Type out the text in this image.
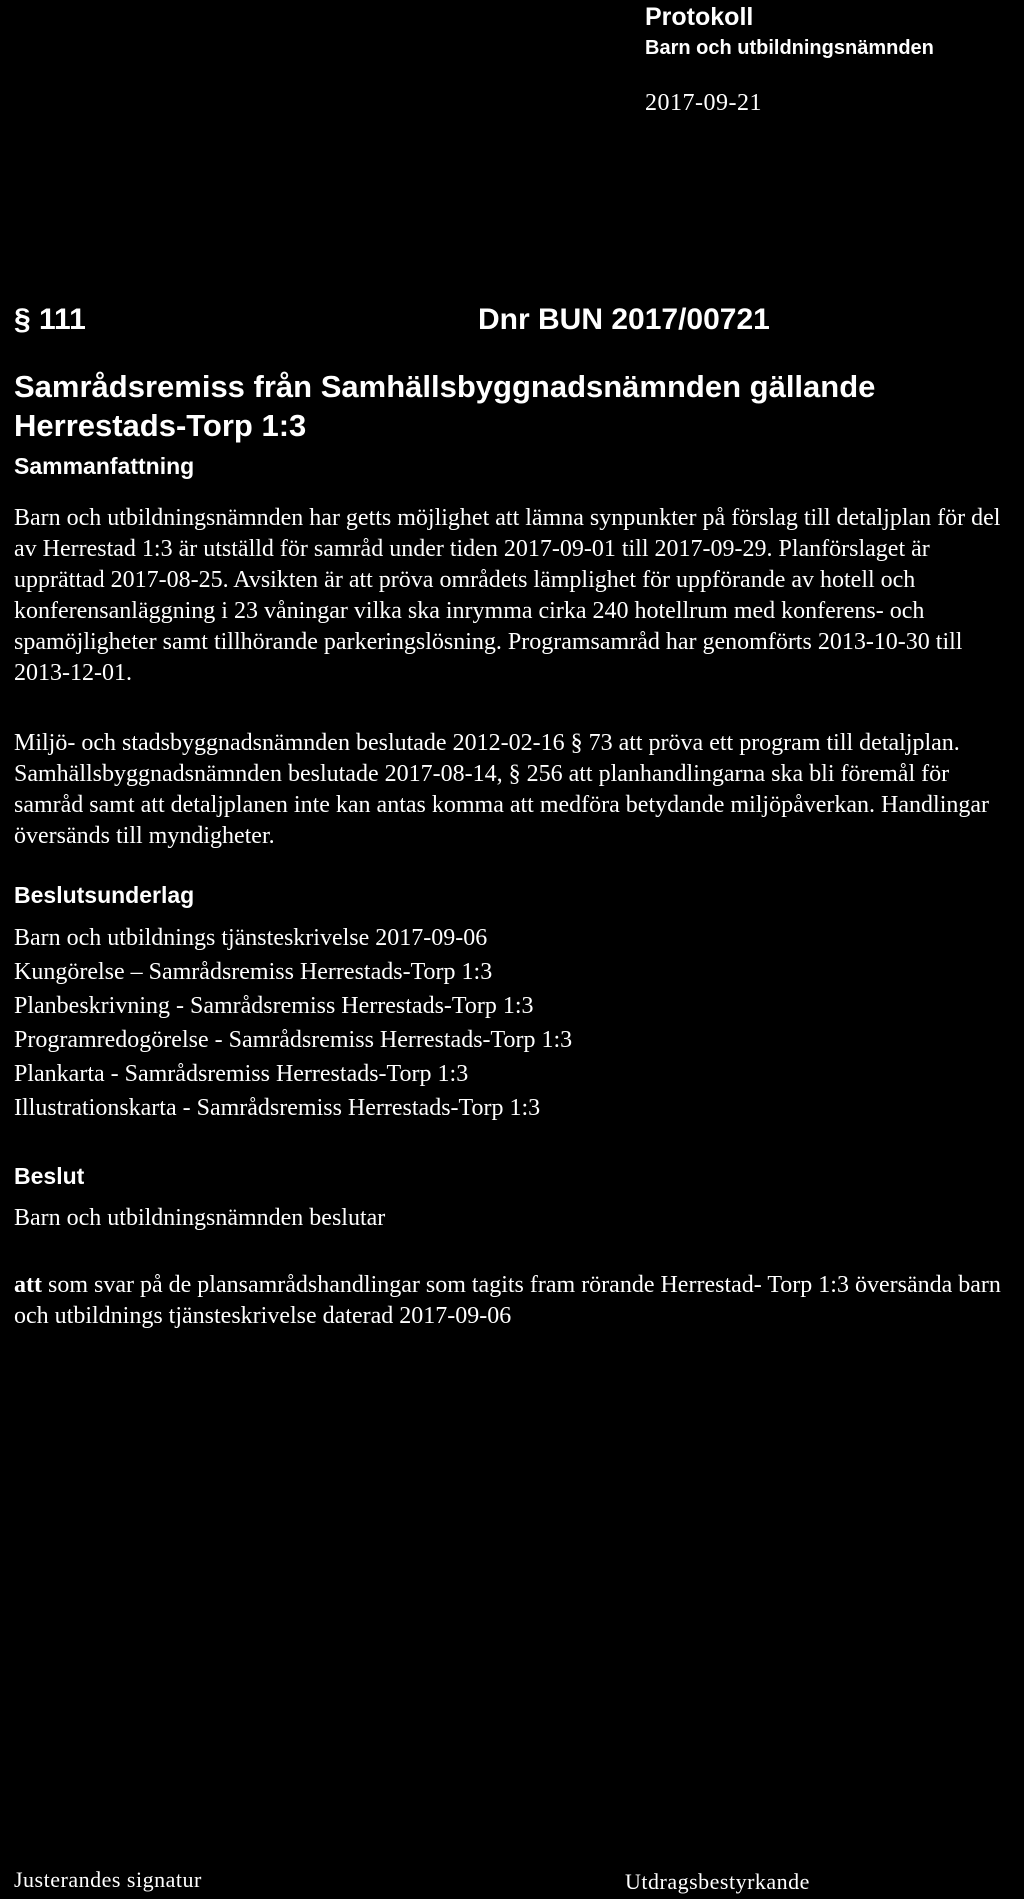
Protokoll
Barn och utbildningsnämnden
2017-09-21
§ 111	Dnr BUN 2017/00721
Samrådsremiss från Samhällsbyggnadsnämnden gällande Herrestads-Torp 1:3
Sammanfattning
Barn och utbildningsnämnden har getts möjlighet att lämna synpunkter på förslag till detaljplan för del av Herrestad 1:3 är utställd för samråd under tiden 2017-09-01 till 2017-09-29. Planförslaget är upprättad 2017-08-25. Avsikten är att pröva områdets lämplighet för uppförande av hotell och konferensanläggning i 23 våningar vilka ska inrymma cirka 240 hotellrum med konferens- och spamöjligheter samt tillhörande parkeringslösning. Programsamråd har genomförts 2013-10-30 till 2013-12-01.
Miljö- och stadsbyggnadsnämnden beslutade 2012-02-16 § 73 att pröva ett program till detaljplan. Samhällsbyggnadsnämnden beslutade 2017-08-14, § 256 att planhandlingarna ska bli föremål för samråd samt att detaljplanen inte kan antas komma att medföra betydande miljöpåverkan. Handlingar översänds till myndigheter.
Beslutsunderlag
Barn och utbildnings tjänsteskrivelse 2017-09-06
Kungörelse – Samrådsremiss Herrestads-Torp 1:3
Planbeskrivning - Samrådsremiss Herrestads-Torp 1:3
Programredogörelse - Samrådsremiss Herrestads-Torp 1:3
Plankarta - Samrådsremiss Herrestads-Torp 1:3
Illustrationskarta - Samrådsremiss Herrestads-Torp 1:3
Beslut
Barn och utbildningsnämnden beslutar
att som svar på de plansamrådshandlingar som tagits fram rörande Herrestad- Torp 1:3 översända barn och utbildnings tjänsteskrivelse daterad 2017-09-06
Justerandes signatur	Utdragsbestyrkande
